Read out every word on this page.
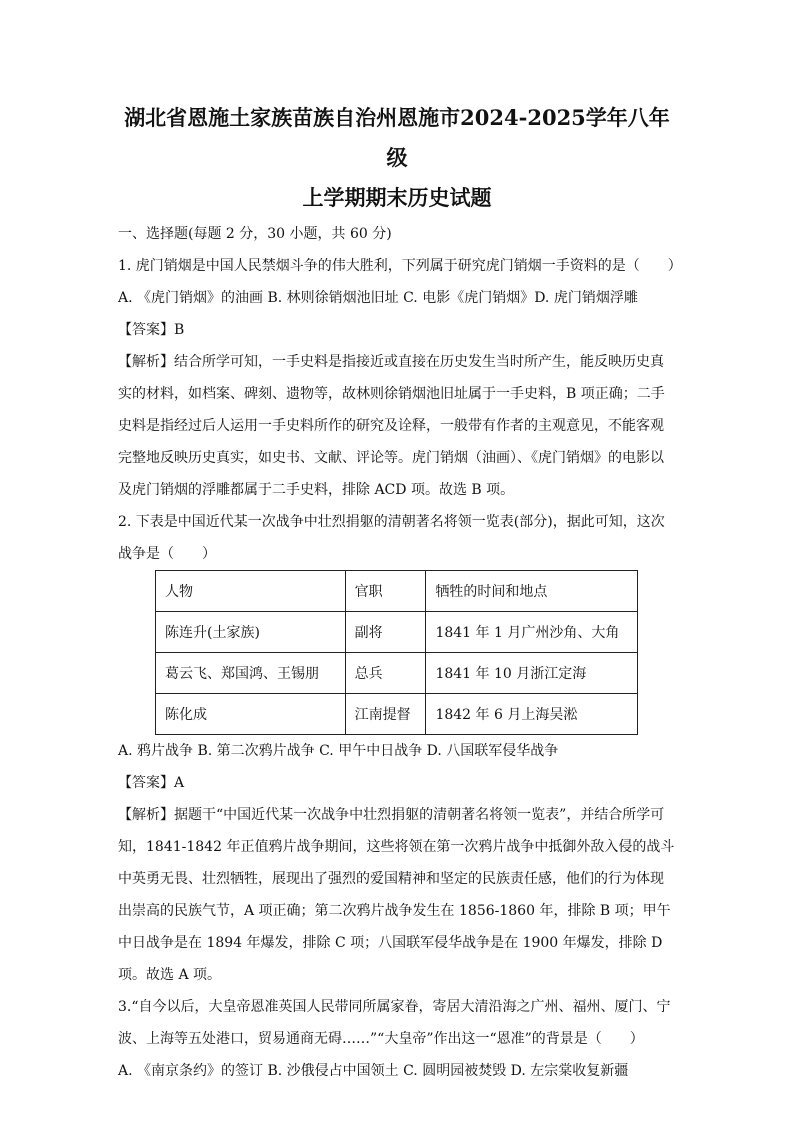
湖北省恩施土家族苗族自治州恩施市2024-2025学年八年级
上学期期末历史试题

一、选择题(每题 2 分，30 小题，共 60 分)

1. 虎门销烟是中国人民禁烟斗争的伟大胜利，下列属于研究虎门销烟一手资料的是（　　）

A. 《虎门销烟》的油画 B. 林则徐销烟池旧址 C. 电影《虎门销烟》D. 虎门销烟浮雕

【答案】B

【解析】结合所学可知，一手史料是指接近或直接在历史发生当时所产生，能反映历史真实的材料，如档案、碑刻、遗物等，故林则徐销烟池旧址属于一手史料，B 项正确；二手史料是指经过后人运用一手史料所作的研究及诠释，一般带有作者的主观意见，不能客观完整地反映历史真实，如史书、文献、评论等。虎门销烟（油画）、《虎门销烟》的电影以及虎门销烟的浮雕都属于二手史料，排除 ACD 项。故选 B 项。

2. 下表是中国近代某一次战争中壮烈捐躯的清朝著名将领一览表(部分)，据此可知，这次战争是（　　）

人物	官职	牺牲的时间和地点
陈连升(土家族)	副将	1841 年 1 月广州沙角、大角
葛云飞、郑国鸿、王锡朋	总兵	1841 年 10 月浙江定海
陈化成	江南提督	1842 年 6 月上海吴淞

A. 鸦片战争 B. 第二次鸦片战争 C. 甲午中日战争 D. 八国联军侵华战争

【答案】A

【解析】据题干“中国近代某一次战争中壮烈捐躯的清朝著名将领一览表”，并结合所学可知，1841-1842 年正值鸦片战争期间，这些将领在第一次鸦片战争中抵御外敌入侵的战斗中英勇无畏、壮烈牺牲，展现出了强烈的爱国精神和坚定的民族责任感，他们的行为体现出崇高的民族气节，A 项正确；第二次鸦片战争发生在 1856-1860 年，排除 B 项；甲午中日战争是在 1894 年爆发，排除 C 项；八国联军侵华战争是在 1900 年爆发，排除 D 项。故选 A 项。

3.“自今以后，大皇帝恩准英国人民带同所属家眷，寄居大清沿海之广州、福州、厦门、宁波、上海等五处港口，贸易通商无碍……”“大皇帝”作出这一“恩准”的背景是（　　）

A. 《南京条约》的签订 B. 沙俄侵占中国领土 C. 圆明园被焚毁 D. 左宗棠收复新疆
